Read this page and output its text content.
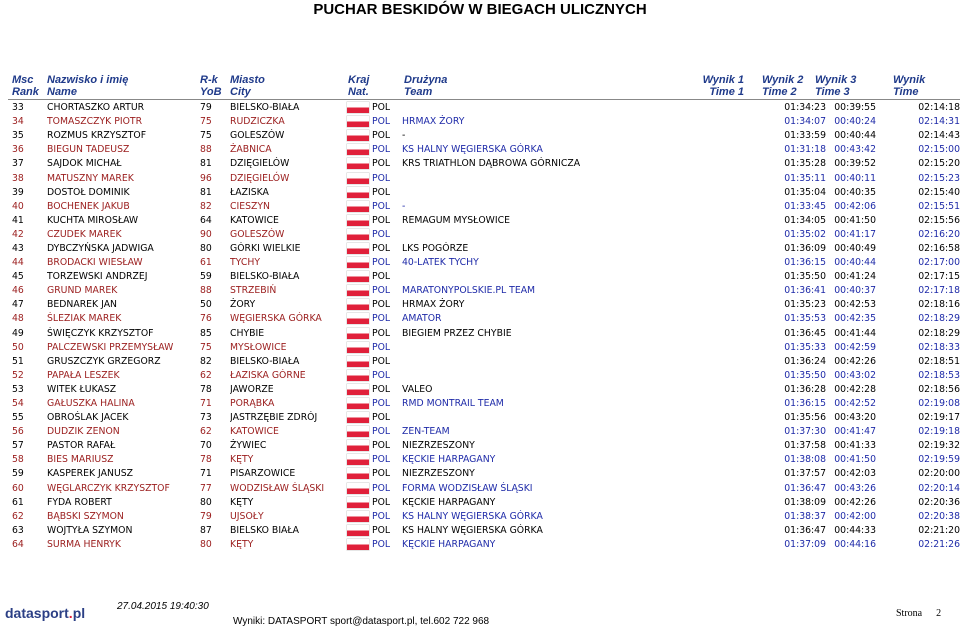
PUCHAR BESKIDÓW W BIEGACH ULICZNYCH
Msc
Rank
Nazwisko i imię
Name
R-k
YoB
Miasto
City
Kraj
Nat.
Drużyna
Team
Wynik 1
Time 1
Wynik 2
Time 2
Wynik 3
Time 3
Wynik
Time
33	CHORTASZKO ARTUR	79	BIELSKO-BIAŁA		POL			01:34:23		00:39:55	02:14:18
34	TOMASZCZYK PIOTR	75	RUDZICZKA		POL	HRMAX ŻORY		01:34:07		00:40:24	02:14:31
35	ROZMUS KRZYSZTOF	75	GOLESZÓW		POL	-		01:33:59		00:40:44	02:14:43
36	BIEGUN TADEUSZ	88	ŻABNICA		POL	KS HALNY WĘGIERSKA GÓRKA		01:31:18		00:43:42	02:15:00
37	SAJDOK MICHAŁ	81	DZIĘGIELÓW		POL	KRS TRIATHLON DĄBROWA GÓRNICZA		01:35:28		00:39:52	02:15:20
38	MATUSZNY MAREK	96	DZIĘGIELÓW		POL			01:35:11		00:40:11	02:15:23
39	DOSTOŁ DOMINIK	81	ŁAZISKA		POL			01:35:04		00:40:35	02:15:40
40	BOCHENEK JAKUB	82	CIESZYN		POL	-		01:33:45		00:42:06	02:15:51
41	KUCHTA MIROSŁAW	64	KATOWICE		POL	REMAGUM MYSŁOWICE		01:34:05		00:41:50	02:15:56
42	CZUDEK MAREK	90	GOLESZÓW		POL			01:35:02		00:41:17	02:16:20
43	DYBCZYŃSKA JADWIGA	80	GÓRKI WIELKIE		POL	LKS POGÓRZE		01:36:09		00:40:49	02:16:58
44	BRODACKI WIESŁAW	61	TYCHY		POL	40-LATEK TYCHY		01:36:15		00:40:44	02:17:00
45	TORZEWSKI ANDRZEJ	59	BIELSKO-BIAŁA		POL			01:35:50		00:41:24	02:17:15
46	GRUND MAREK	88	STRZEBIŃ		POL	MARATONYPOLSKIE.PL TEAM		01:36:41		00:40:37	02:17:18
47	BEDNAREK JAN	50	ŻORY		POL	HRMAX ŻORY		01:35:23		00:42:53	02:18:16
48	ŚLEZIAK MAREK	76	WĘGIERSKA GÓRKA		POL	AMATOR		01:35:53		00:42:35	02:18:29
49	ŚWIĘCZYK KRZYSZTOF	85	CHYBIE		POL	BIEGIEM PRZEZ CHYBIE		01:36:45		00:41:44	02:18:29
50	PALCZEWSKI PRZEMYSŁAW	75	MYSŁOWICE		POL			01:35:33		00:42:59	02:18:33
51	GRUSZCZYK GRZEGORZ	82	BIELSKO-BIAŁA		POL			01:36:24		00:42:26	02:18:51
52	PAPAŁA LESZEK	62	ŁAZISKA GÓRNE		POL			01:35:50		00:43:02	02:18:53
53	WITEK ŁUKASZ	78	JAWORZE		POL	VALEO		01:36:28		00:42:28	02:18:56
54	GAŁUSZKA HALINA	71	PORĄBKA		POL	RMD MONTRAIL TEAM		01:36:15		00:42:52	02:19:08
55	OBROŚLAK JACEK	73	JASTRZĘBIE ZDRÓJ		POL			01:35:56		00:43:20	02:19:17
56	DUDZIK ZENON	62	KATOWICE		POL	ZEN-TEAM		01:37:30		00:41:47	02:19:18
57	PASTOR RAFAŁ	70	ŻYWIEC		POL	NIEZRZESZONY		01:37:58		00:41:33	02:19:32
58	BIES MARIUSZ	78	KĘTY		POL	KĘCKIE HARPAGANY		01:38:08		00:41:50	02:19:59
59	KASPEREK JANUSZ	71	PISARZOWICE		POL	NIEZRZESZONY		01:37:57		00:42:03	02:20:00
60	WĘGLARCZYK KRZYSZTOF	77	WODZISŁAW ŚLĄSKI		POL	FORMA WODZISŁAW ŚLĄSKI		01:36:47		00:43:26	02:20:14
61	FYDA ROBERT	80	KĘTY		POL	KĘCKIE HARPAGANY		01:38:09		00:42:26	02:20:36
62	BĄBSKI SZYMON	79	UJSOŁY		POL	KS HALNY WĘGIERSKA GÓRKA		01:38:37		00:42:00	02:20:38
63	WOJTYŁA SZYMON	87	BIELSKO BIAŁA		POL	KS HALNY WĘGIERSKA GÓRKA		01:36:47		00:44:33	02:21:20
64	SURMA HENRYK	80	KĘTY		POL	KĘCKIE HARPAGANY		01:37:09		00:44:16	02:21:26
datasport.pl	27.04.2015 19:40:30
Wyniki: DATASPORT sport@datasport.pl, tel.602 722 968
Strona 2
